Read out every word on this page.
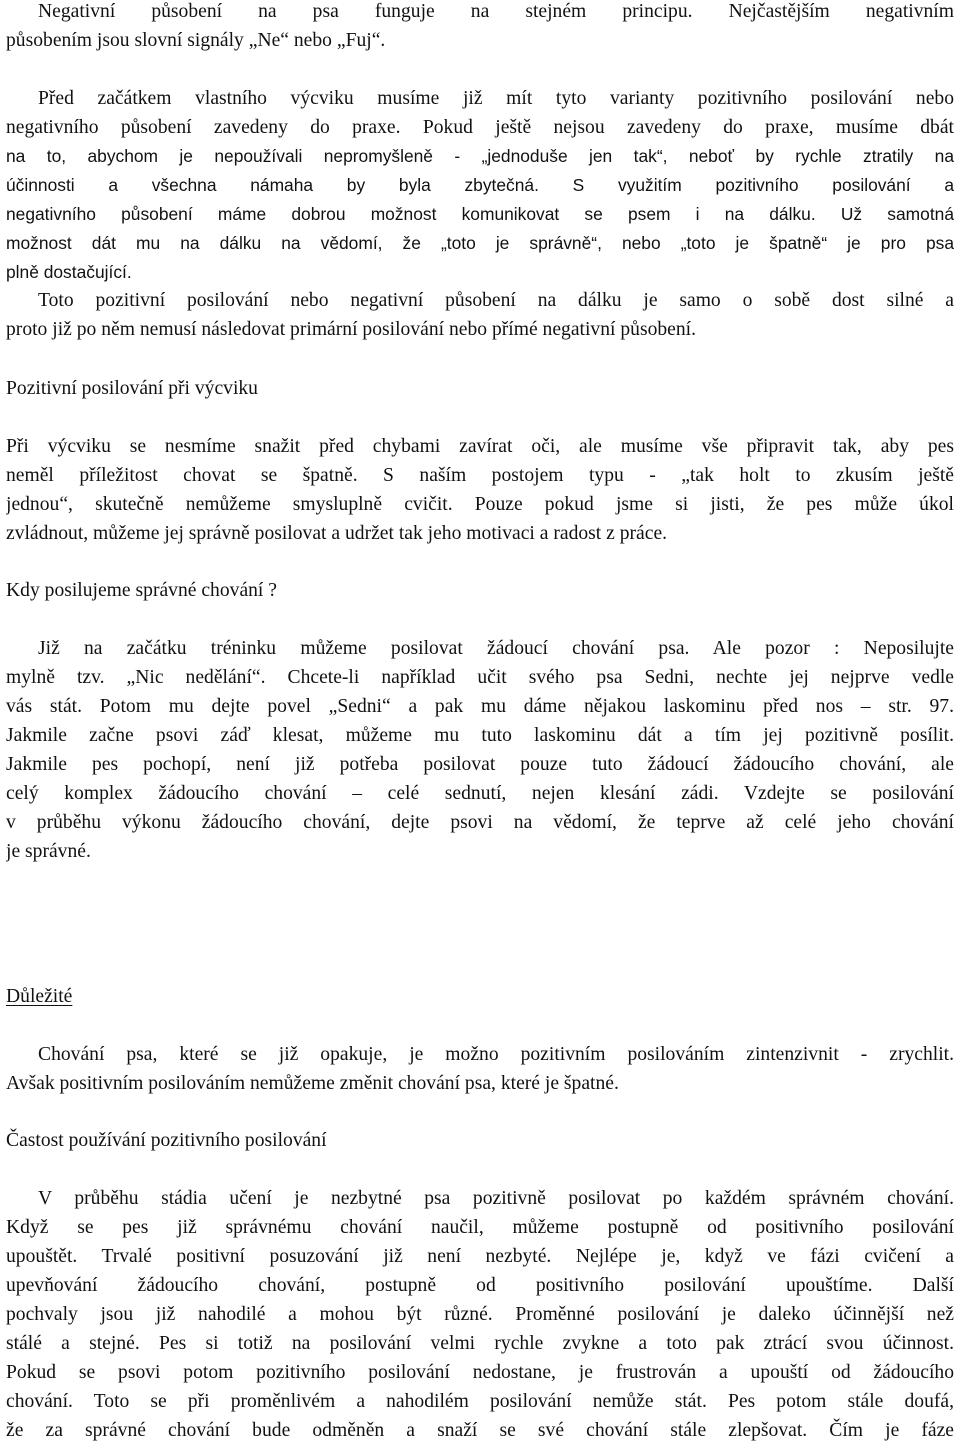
Negativní působení na psa funguje na stejném principu. Nejčastějším negativním
působením jsou slovní signály „Ne“ nebo „Fuj“.
Před začátkem vlastního výcviku musíme již mít tyto varianty pozitivního posilování nebo
negativního působení zavedeny do praxe. Pokud ještě nejsou zavedeny do praxe, musíme dbát
na to, abychom je nepoužívali nepromyšleně - „jednoduše jen tak“, neboť by rychle ztratily na
účinnosti a všechna námaha by byla zbytečná. S využitím pozitivního posilování a
negativního působení máme dobrou možnost komunikovat se psem i na dálku. Už samotná
možnost dát mu na dálku na vědomí, že „toto je správně“, nebo „toto je špatně“ je pro psa
plně dostačující.
Toto pozitivní posilování nebo negativní působení na dálku je samo o sobě dost silné a
proto již po něm nemusí následovat primární posilování nebo přímé negativní působení.
Pozitivní posilování při výcviku
Při výcviku se nesmíme snažit před chybami zavírat oči, ale musíme vše připravit tak, aby pes
neměl příležitost chovat se špatně. S naším postojem typu - „tak holt to zkusím ještě
jednou“, skutečně nemůžeme smysluplně cvičit. Pouze pokud jsme si jisti, že pes může úkol
zvládnout, můžeme jej správně posilovat a udržet tak jeho motivaci a radost z práce.
Kdy posilujeme správné chování ?
Již na začátku tréninku můžeme posilovat žádoucí chování psa. Ale pozor : Neposilujte
mylně tzv. „Nic nedělání“. Chcete-li například učit svého psa Sedni, nechte jej nejprve vedle
vás stát. Potom mu dejte povel „Sedni“ a pak mu dáme nějakou laskominu před nos – str. 97.
Jakmile začne psovi záď klesat, můžeme mu tuto laskominu dát a tím jej pozitivně posílit.
Jakmile pes pochopí, není již potřeba posilovat pouze tuto žádoucí žádoucího chování, ale
celý komplex žádoucího chování – celé sednutí, nejen klesání zádi. Vzdejte se posilování
v průběhu výkonu žádoucího chování, dejte psovi na vědomí, že teprve až celé jeho chování
je správné.
Důležité
Chování psa, které se již opakuje, je možno pozitivním posilováním zintenzivnit - zrychlit.
Avšak positivním posilováním nemůžeme změnit chování psa, které je špatné.
Častost používání pozitivního posilování
V průběhu stádia učení je nezbytné psa pozitivně posilovat po každém správném chování.
Když se pes již správnému chování naučil, můžeme postupně od positivního posilování
upouštět. Trvalé positivní posuzování již není nezbyté. Nejlépe je, když ve fázi cvičení a
upevňování žádoucího chování, postupně od positivního posilování upouštíme. Další
pochvaly jsou již nahodilé a mohou být různé. Proměnné posilování je daleko účinnější než
stálé a stejné. Pes si totiž na posilování velmi rychle zvykne a toto pak ztrácí svou účinnost.
Pokud se psovi potom pozitivního posilování nedostane, je frustrován a upouští od žádoucího
chování. Toto se při proměnlivém a nahodilém posilování nemůže stát. Pes potom stále doufá,
že za správné chování bude odměněn a snaží se své chování stále zlepšovat. Čím je fáze
